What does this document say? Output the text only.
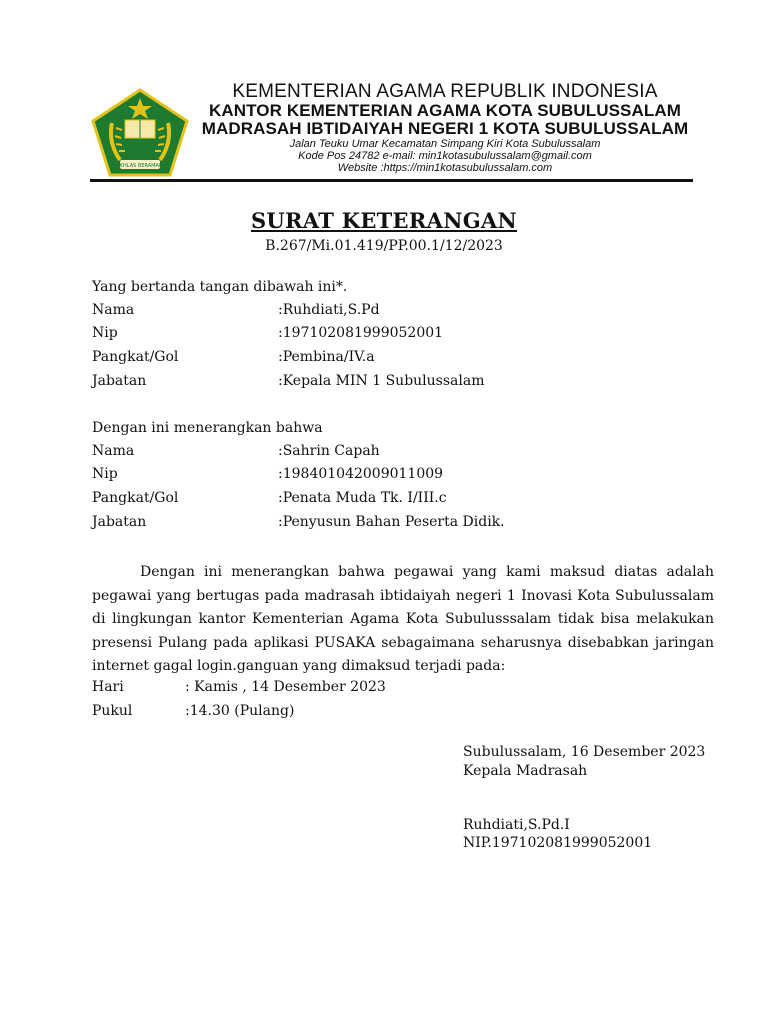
IKHLAS BERAMAL
KEMENTERIAN AGAMA REPUBLIK INDONESIA
KANTOR KEMENTERIAN AGAMA KOTA SUBULUSSALAM
MADRASAH IBTIDAIYAH NEGERI 1 KOTA SUBULUSSALAM
Jalan Teuku Umar Kecamatan Simpang Kiri Kota Subulussalam
Kode Pos 24782 e-mail: min1kotasubulussalam@gmail.com
Website :https://min1kotasubulussalam.com
SURAT KETERANGAN
B.267/Mi.01.419/PP.00.1/12/2023
Yang bertanda tangan dibawah ini*.
Nama	:Ruhdiati,S.Pd
Nip	:197102081999052001
Pangkat/Gol	:Pembina/IV.a
Jabatan	:Kepala MIN 1 Subulussalam
Dengan ini menerangkan bahwa
Nama	:Sahrin Capah
Nip	:198401042009011009
Pangkat/Gol	:Penata Muda Tk. I/III.c
Jabatan	:Penyusun Bahan Peserta Didik.
Dengan ini menerangkan bahwa pegawai yang kami maksud diatas adalah pegawai yang bertugas pada madrasah ibtidaiyah negeri 1 Inovasi Kota Subulussalam di lingkungan kantor Kementerian Agama Kota Subulusssalam tidak bisa melakukan presensi Pulang pada aplikasi PUSAKA sebagaimana seharusnya disebabkan jaringan internet gagal login.ganguan yang dimaksud terjadi pada:
Hari	: Kamis , 14 Desember 2023
Pukul	:14.30 (Pulang)
Subulussalam, 16 Desember 2023
Kepala Madrasah
Ruhdiati,S.Pd.I
NIP.197102081999052001
